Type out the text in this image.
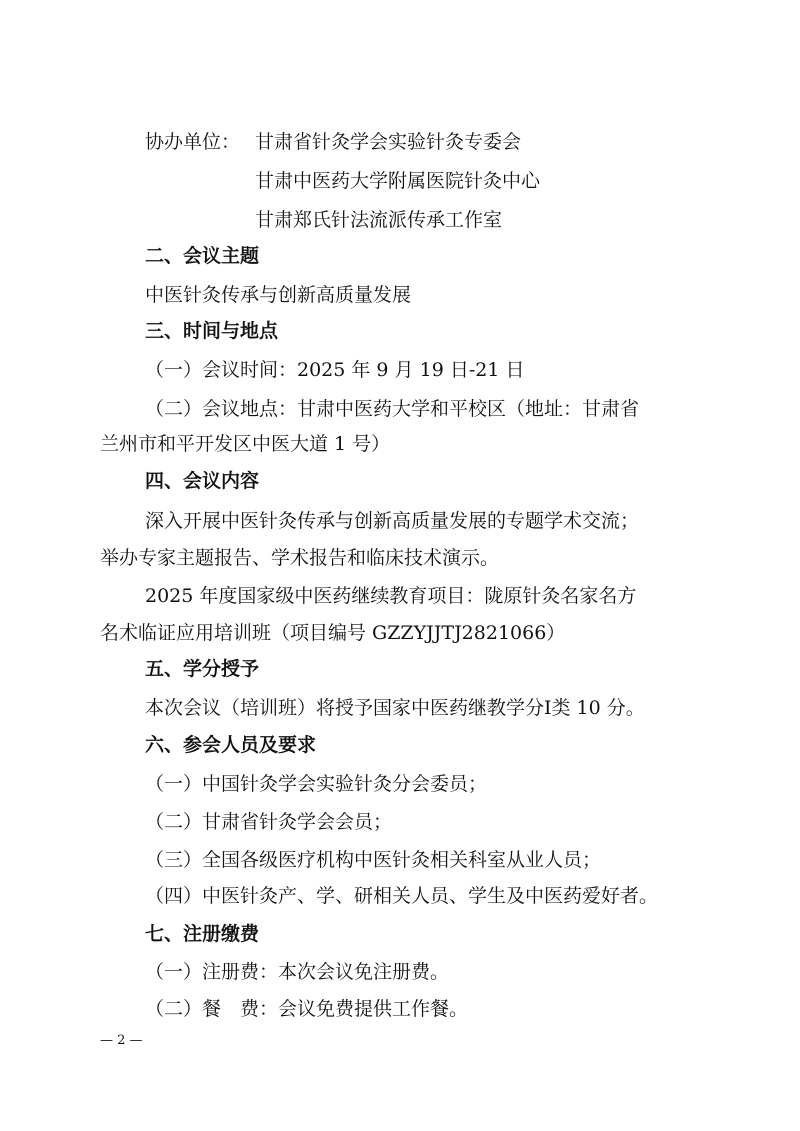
协办单位： 甘肃省针灸学会实验针灸专委会
甘肃中医药大学附属医院针灸中心
甘肃郑氏针法流派传承工作室
二、会议主题
中医针灸传承与创新高质量发展
三、时间与地点
（一）会议时间：2025 年 9 月 19 日-21 日
（二）会议地点：甘肃中医药大学和平校区（地址：甘肃省
兰州市和平开发区中医大道 1 号）
四、会议内容
深入开展中医针灸传承与创新高质量发展的专题学术交流；
举办专家主题报告、学术报告和临床技术演示。
2025 年度国家级中医药继续教育项目：陇原针灸名家名方
名术临证应用培训班（项目编号 GZZYJJTJ2821066）
五、学分授予
本次会议（培训班）将授予国家中医药继教学分Ⅰ类 10 分。
六、参会人员及要求
（一）中国针灸学会实验针灸分会委员；
（二）甘肃省针灸学会会员；
（三）全国各级医疗机构中医针灸相关科室从业人员；
（四）中医针灸产、学、研相关人员、学生及中医药爱好者。
七、注册缴费
（一）注册费：本次会议免注册费。
（二）餐　费：会议免费提供工作餐。
— 2 —
